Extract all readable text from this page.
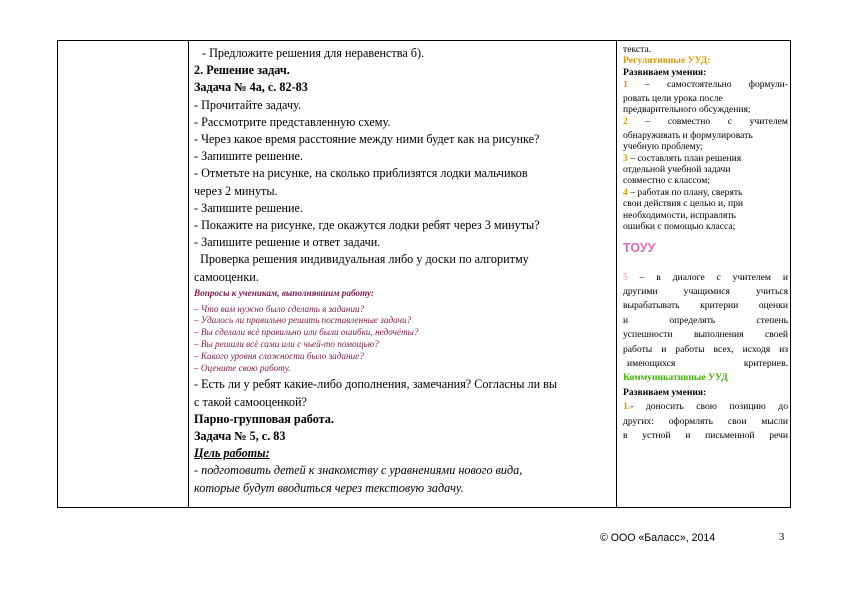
- Предложите решения для неравенства б).
2. Решение задач.
Задача № 4а, с. 82-83
- Прочитайте задачу.
- Рассмотрите представленную схему.
- Через какое время расстояние между ними будет как на рисунке?
- Запишите решение.
- Отметьте на рисунке, на сколько приблизятся лодки мальчиков
через 2 минуты.
- Запишите решение.
- Покажите на рисунке, где окажутся лодки ребят через 3 минуты?
- Запишите решение и ответ задачи.
Проверка решения индивидуальная либо у доски по алгоритму
самооценки.
Вопросы к ученикам, выполнявшим работу:
– Что вам нужно было сделать в задании?
– Удалось ли правильно решить поставленные задачи?
– Вы сделали всё правильно или были ошибки, недочёты?
– Вы решили всё сами или с чьей-то помощью?
– Какого уровня сложности было задание?
– Оцените свою работу.
- Есть ли у ребят какие-либо дополнения, замечания? Согласны ли вы
с такой самооценкой?
Парно-групповая работа.
Задача № 5, с. 83
Цель работы:
- подготовить детей к знакомству с уравнениями нового вида,
которые будут вводиться через текстовую задачу.
текста.
Регулятивные УУД:
Развиваем умения:
1 – самостоятельно формули-
ровать цели урока после
предварительного обсуждения;
2 – совместно с учителем
обнаруживать и формулировать
учебную проблему;
3 – составлять план решения
отдельной учебной задачи
совместно с классом;
4 – работая по плану, сверять
свои действия с целью и, при
необходимости, исправлять
ошибки с помощью класса;
ТОУУ
5 – в диалоге с учителем и
другими учащимися учиться
вырабатывать критерии оценки
и определять степень
успешности выполнения своей
работы и работы всех, исходя из
имеющихся критериев.
Коммуникативные УУД
Развиваем умения:
1.- доносить свою позицию до
других: оформлять свои мысли
в устной и письменной речи
© ООО «Баласс», 2014	3
